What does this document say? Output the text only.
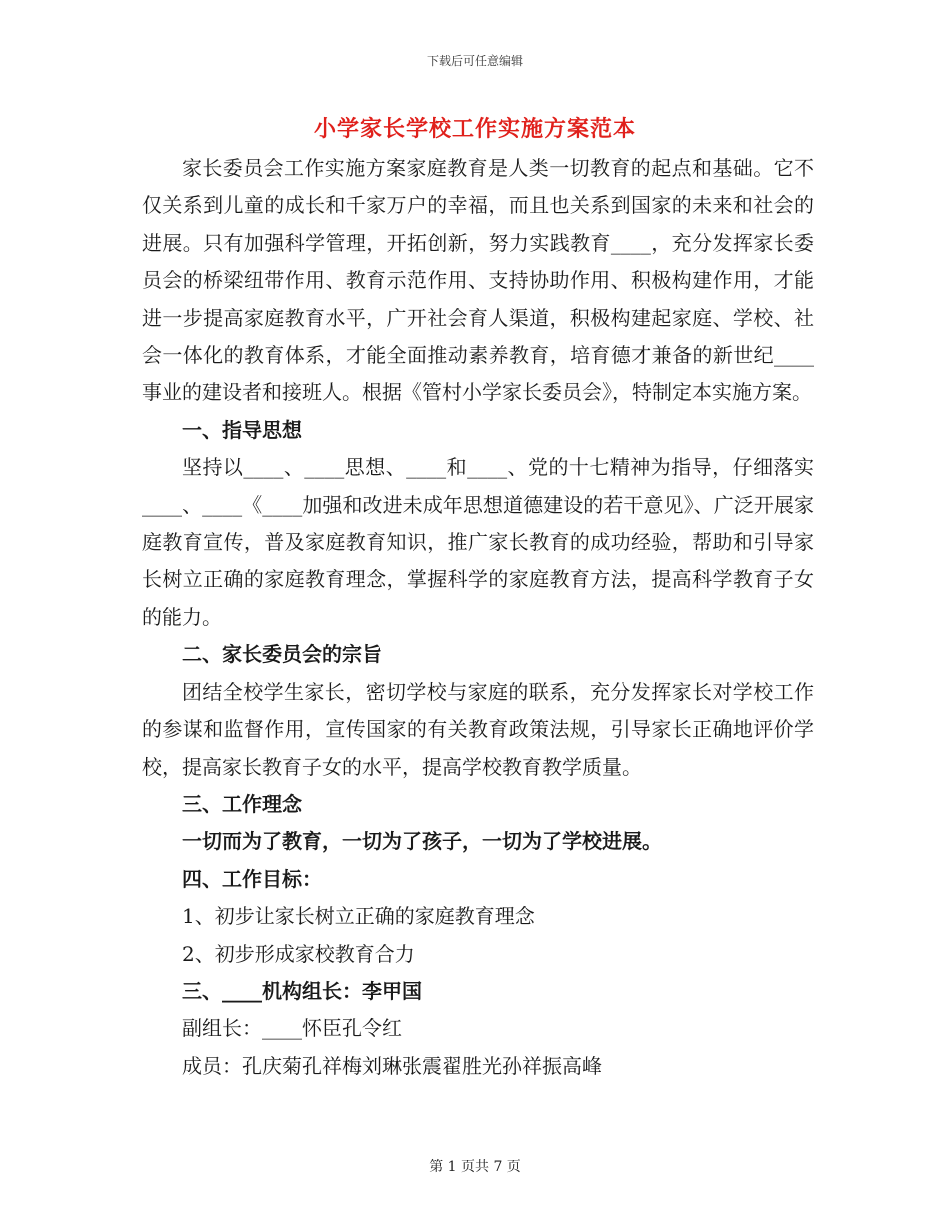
下载后可任意编辑
小学家长学校工作实施方案范本

家长委员会工作实施方案家庭教育是人类一切教育的起点和基础。它不仅关系到儿童的成长和千家万户的幸福，而且也关系到国家的未来和社会的进展。只有加强科学管理，开拓创新，努力实践教育____，充分发挥家长委员会的桥梁纽带作用、教育示范作用、支持协助作用、积极构建作用，才能进一步提高家庭教育水平，广开社会育人渠道，积极构建起家庭、学校、社会一体化的教育体系，才能全面推动素养教育，培育德才兼备的新世纪____事业的建设者和接班人。根据《管村小学家长委员会》，特制定本实施方案。

一、指导思想

坚持以____、____思想、____和____、党的十七精神为指导，仔细落实____、____《____加强和改进未成年思想道德建设的若干意见》、广泛开展家庭教育宣传，普及家庭教育知识，推广家长教育的成功经验，帮助和引导家长树立正确的家庭教育理念，掌握科学的家庭教育方法，提高科学教育子女的能力。

二、家长委员会的宗旨

团结全校学生家长，密切学校与家庭的联系，充分发挥家长对学校工作的参谋和监督作用，宣传国家的有关教育政策法规，引导家长正确地评价学校，提高家长教育子女的水平，提高学校教育教学质量。

三、工作理念

一切而为了教育，一切为了孩子，一切为了学校进展。

四、工作目标：

1、初步让家长树立正确的家庭教育理念

2、初步形成家校教育合力

三、____机构组长：李甲国

副组长：____怀臣孔令红

成员：孔庆菊孔祥梅刘琳张震翟胜光孙祥振高峰

第 1 页共 7 页
